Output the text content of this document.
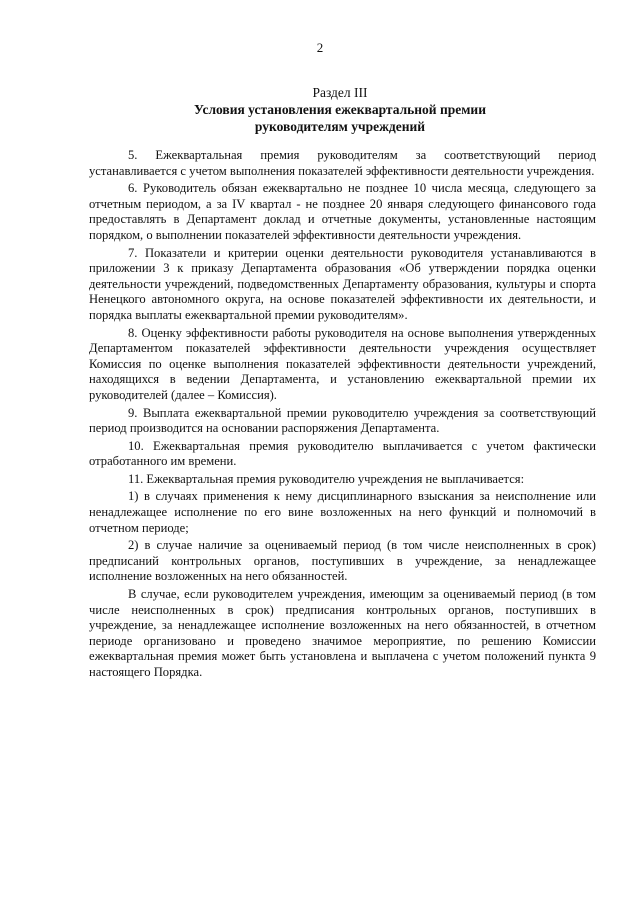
2
Раздел III
Условия установления ежеквартальной премии
руководителям учреждений

5. Ежеквартальная премия руководителям за соответствующий период устанавливается с учетом выполнения показателей эффективности деятельности учреждения.

6. Руководитель обязан ежеквартально не позднее 10 числа месяца, следующего за отчетным периодом, а за IV квартал - не позднее 20 января следующего финансового года предоставлять в Департамент доклад и отчетные документы, установленные настоящим порядком, о выполнении показателей эффективности деятельности учреждения.

7. Показатели и критерии оценки деятельности руководителя устанавливаются в приложении 3 к приказу Департамента образования «Об утверждении порядка оценки деятельности учреждений, подведомственных Департаменту образования, культуры и спорта Ненецкого автономного округа, на основе показателей эффективности их деятельности, и порядка выплаты ежеквартальной премии руководителям».

8. Оценку эффективности работы руководителя на основе выполнения утвержденных Департаментом показателей эффективности деятельности учреждения осуществляет Комиссия по оценке выполнения показателей эффективности деятельности учреждений, находящихся в ведении Департамента, и установлению ежеквартальной премии их руководителей (далее – Комиссия).

9. Выплата ежеквартальной премии руководителю учреждения за соответствующий период производится на основании распоряжения Департамента.

10. Ежеквартальная премия руководителю выплачивается с учетом фактически отработанного им времени.

11. Ежеквартальная премия руководителю учреждения не выплачивается:

1) в случаях применения к нему дисциплинарного взыскания за неисполнение или ненадлежащее исполнение по его вине возложенных на него функций и полномочий в отчетном периоде;

2) в случае наличие за оцениваемый период (в том числе неисполненных в срок) предписаний контрольных органов, поступивших в учреждение, за ненадлежащее исполнение возложенных на него обязанностей.

В случае, если руководителем учреждения, имеющим за оцениваемый период (в том числе неисполненных в срок) предписания контрольных органов, поступивших в учреждение, за ненадлежащее исполнение возложенных на него обязанностей, в отчетном периоде организовано и проведено значимое мероприятие, по решению Комиссии ежеквартальная премия может быть установлена и выплачена с учетом положений пункта 9 настоящего Порядка.
